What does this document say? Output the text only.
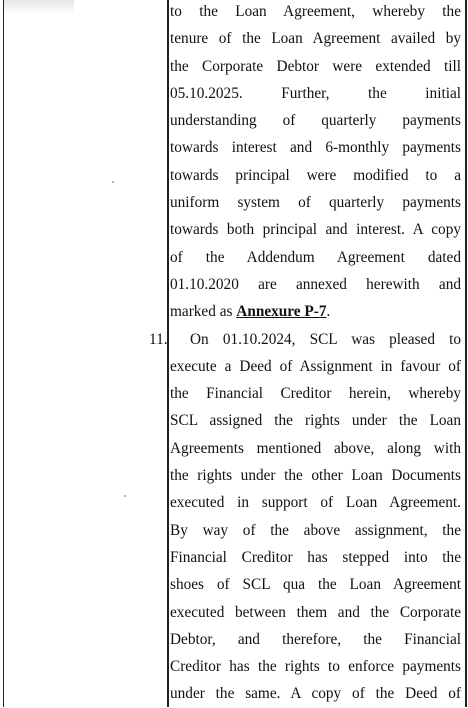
to the Loan Agreement, whereby the
tenure of the Loan Agreement availed by
the Corporate Debtor were extended till
05.10.2025. Further, the initial
understanding of quarterly payments
towards interest and 6-monthly payments
towards principal were modified to a
uniform system of quarterly payments
towards both principal and interest. A copy
of the Addendum Agreement dated
01.10.2020 are annexed herewith and
marked as Annexure P-7.
11. On 01.10.2024, SCL was pleased to
execute a Deed of Assignment in favour of
the Financial Creditor herein, whereby
SCL assigned the rights under the Loan
Agreements mentioned above, along with
the rights under the other Loan Documents
executed in support of Loan Agreement.
By way of the above assignment, the
Financial Creditor has stepped into the
shoes of SCL qua the Loan Agreement
executed between them and the Corporate
Debtor, and therefore, the Financial
Creditor has the rights to enforce payments
under the same. A copy of the Deed of
